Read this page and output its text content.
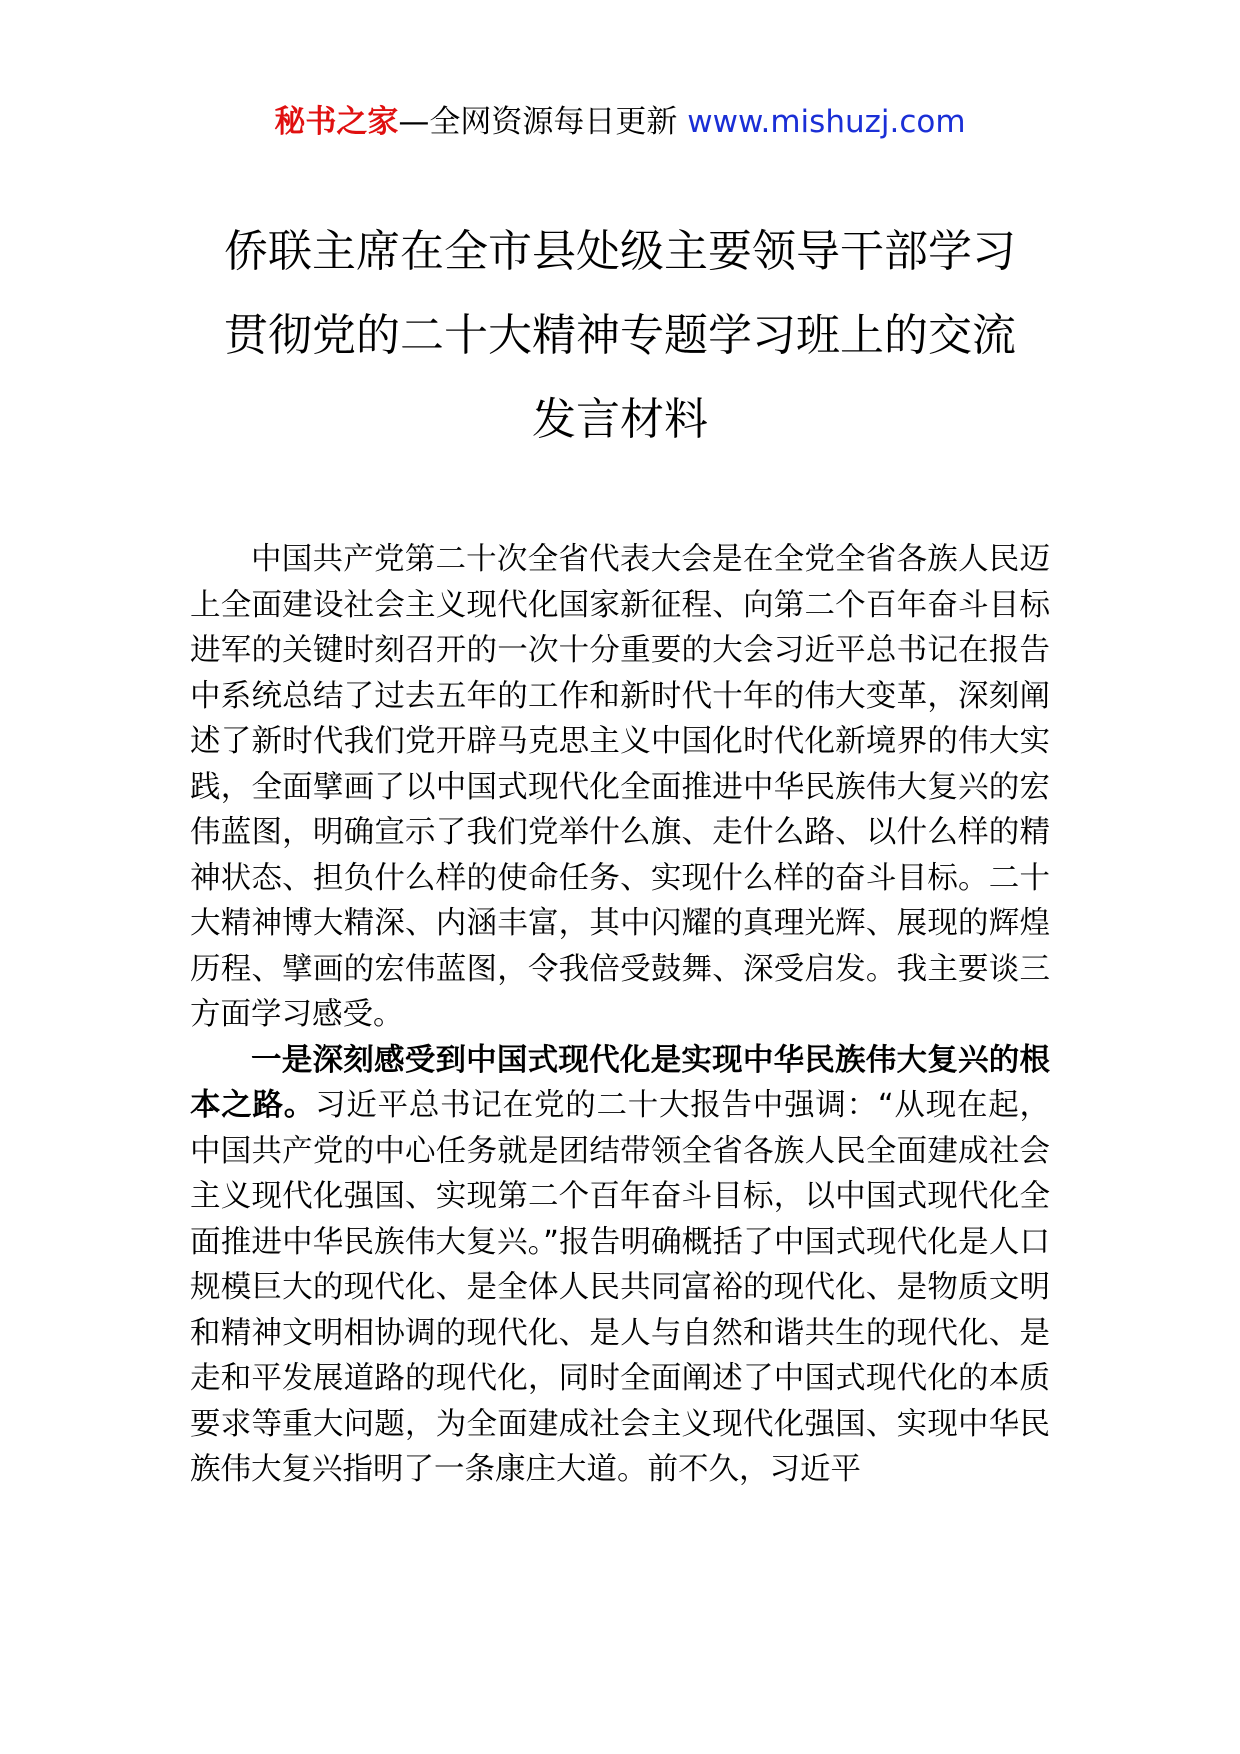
秘书之家—全网资源每日更新 www.mishuzj.com
侨联主席在全市县处级主要领导干部学习
贯彻党的二十大精神专题学习班上的交流
发言材料

中国共产党第二十次全省代表大会是在全党全省各族人民迈上全面建设社会主义现代化国家新征程、向第二个百年奋斗目标进军的关键时刻召开的一次十分重要的大会习近平总书记在报告中系统总结了过去五年的工作和新时代十年的伟大变革，深刻阐述了新时代我们党开辟马克思主义中国化时代化新境界的伟大实践，全面擘画了以中国式现代化全面推进中华民族伟大复兴的宏伟蓝图，明确宣示了我们党举什么旗、走什么路、以什么样的精神状态、担负什么样的使命任务、实现什么样的奋斗目标。二十大精神博大精深、内涵丰富，其中闪耀的真理光辉、展现的辉煌历程、擘画的宏伟蓝图，令我倍受鼓舞、深受启发。我主要谈三方面学习感受。

一是深刻感受到中国式现代化是实现中华民族伟大复兴的根本之路。习近平总书记在党的二十大报告中强调：“从现在起，中国共产党的中心任务就是团结带领全省各族人民全面建成社会主义现代化强国、实现第二个百年奋斗目标，以中国式现代化全面推进中华民族伟大复兴。”报告明确概括了中国式现代化是人口规模巨大的现代化、是全体人民共同富裕的现代化、是物质文明和精神文明相协调的现代化、是人与自然和谐共生的现代化、是走和平发展道路的现代化，同时全面阐述了中国式现代化的本质要求等重大问题，为全面建成社会主义现代化强国、实现中华民族伟大复兴指明了一条康庄大道。前不久，习近平
